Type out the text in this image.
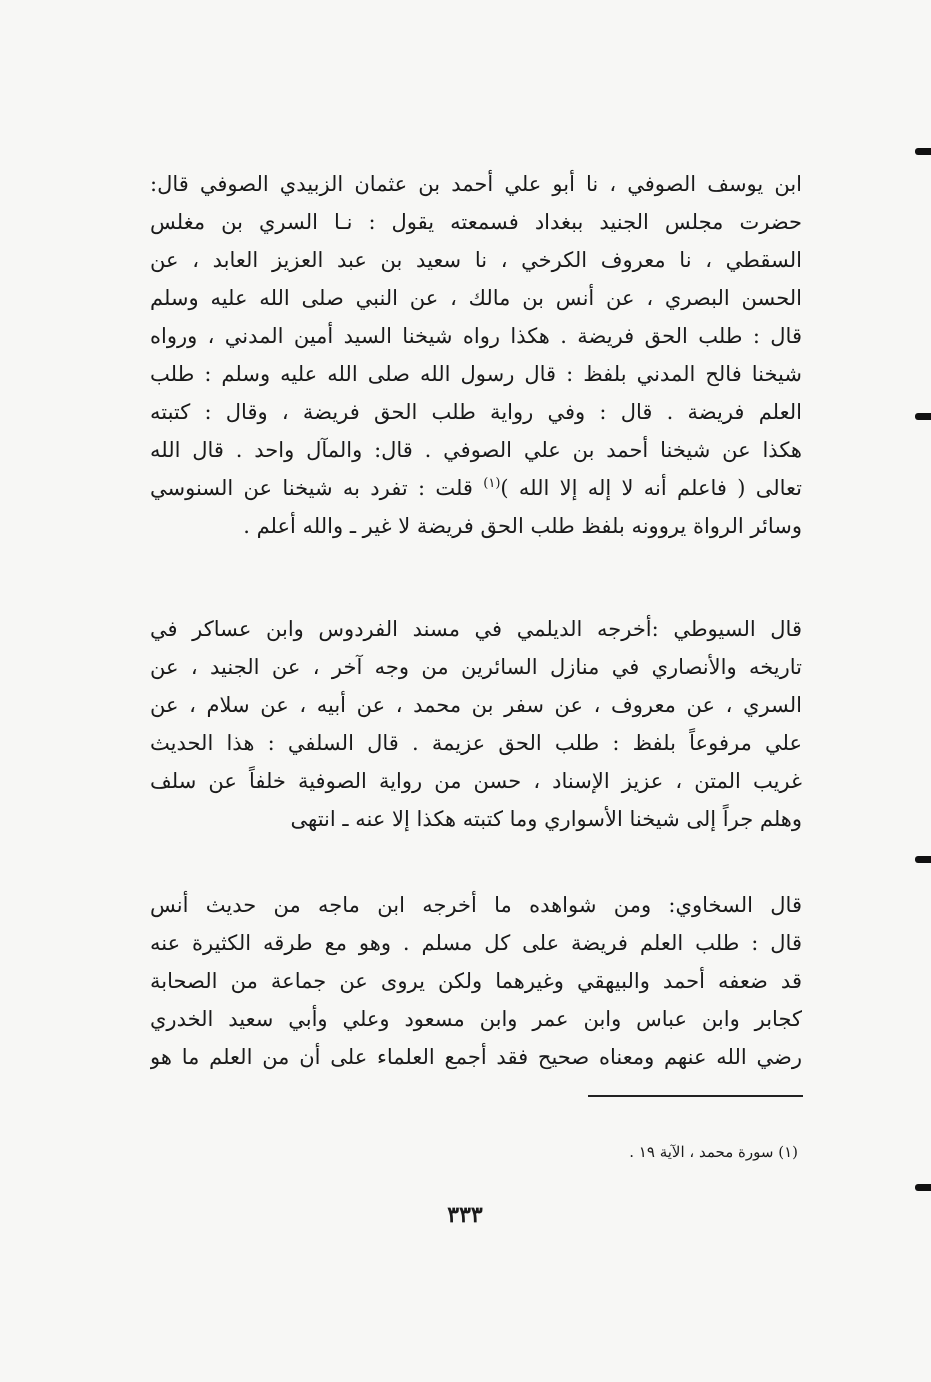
ابن يوسف الصوفي ، نا أبو علي أحمد بن عثمان الزبيدي الصوفي قال:
حضرت مجلس الجنيد ببغداد فسمعته يقول : نـا السري بن مغلس
السقطي ، نا معروف الكرخي ، نا سعيد بن عبد العزيز العابد ، عن
الحسن البصري ، عن أنس بن مالك ، عن النبي صلى الله عليه وسلم
قال : طلب الحق فريضة . هكذا رواه شيخنا السيد أمين المدني ، ورواه
شيخنا فالح المدني بلفظ : قال رسول الله صلى الله عليه وسلم : طلب
العلم فريضة . قال : وفي رواية طلب الحق فريضة ، وقال : كتبته
هكذا عن شيخنا أحمد بن علي الصوفي . قال: والمآل واحد . قال الله
تعالى ( فاعلم أنه لا إله إلا الله )$^{(١)}$ قلت : تفرد به شيخنا عن السنوسي
وسائر الرواة يروونه بلفظ طلب الحق فريضة لا غير ـ والله أعلم .
قال السيوطي :أخرجه الديلمي في مسند الفردوس وابن عساكر في
تاريخه والأنصاري في منازل السائرين من وجه آخر ، عن الجنيد ، عن
السري ، عن معروف ، عن سفر بن محمد ، عن أبيه ، عن سلام ، عن
علي مرفوعاً بلفظ : طلب الحق عزيمة . قال السلفي : هذا الحديث
غريب المتن ، عزيز الإسناد ، حسن من رواية الصوفية خلفاً عن سلف
وهلم جراً إلى شيخنا الأسواري وما كتبته هكذا إلا عنه ـ انتهى
قال السخاوي: ومن شواهده ما أخرجه ابن ماجه من حديث أنس
قال : طلب العلم فريضة على كل مسلم . وهو مع طرقه الكثيرة عنه
قد ضعفه أحمد والبيهقي وغيرهما ولكن يروى عن جماعة من الصحابة
كجابر وابن عباس وابن عمر وابن مسعود وعلي وأبي سعيد الخدري
رضي الله عنهم ومعناه صحيح فقد أجمع العلماء على أن من العلم ما هو
(١) سورة محمد ، الآية ١٩ .
٣٣٣
